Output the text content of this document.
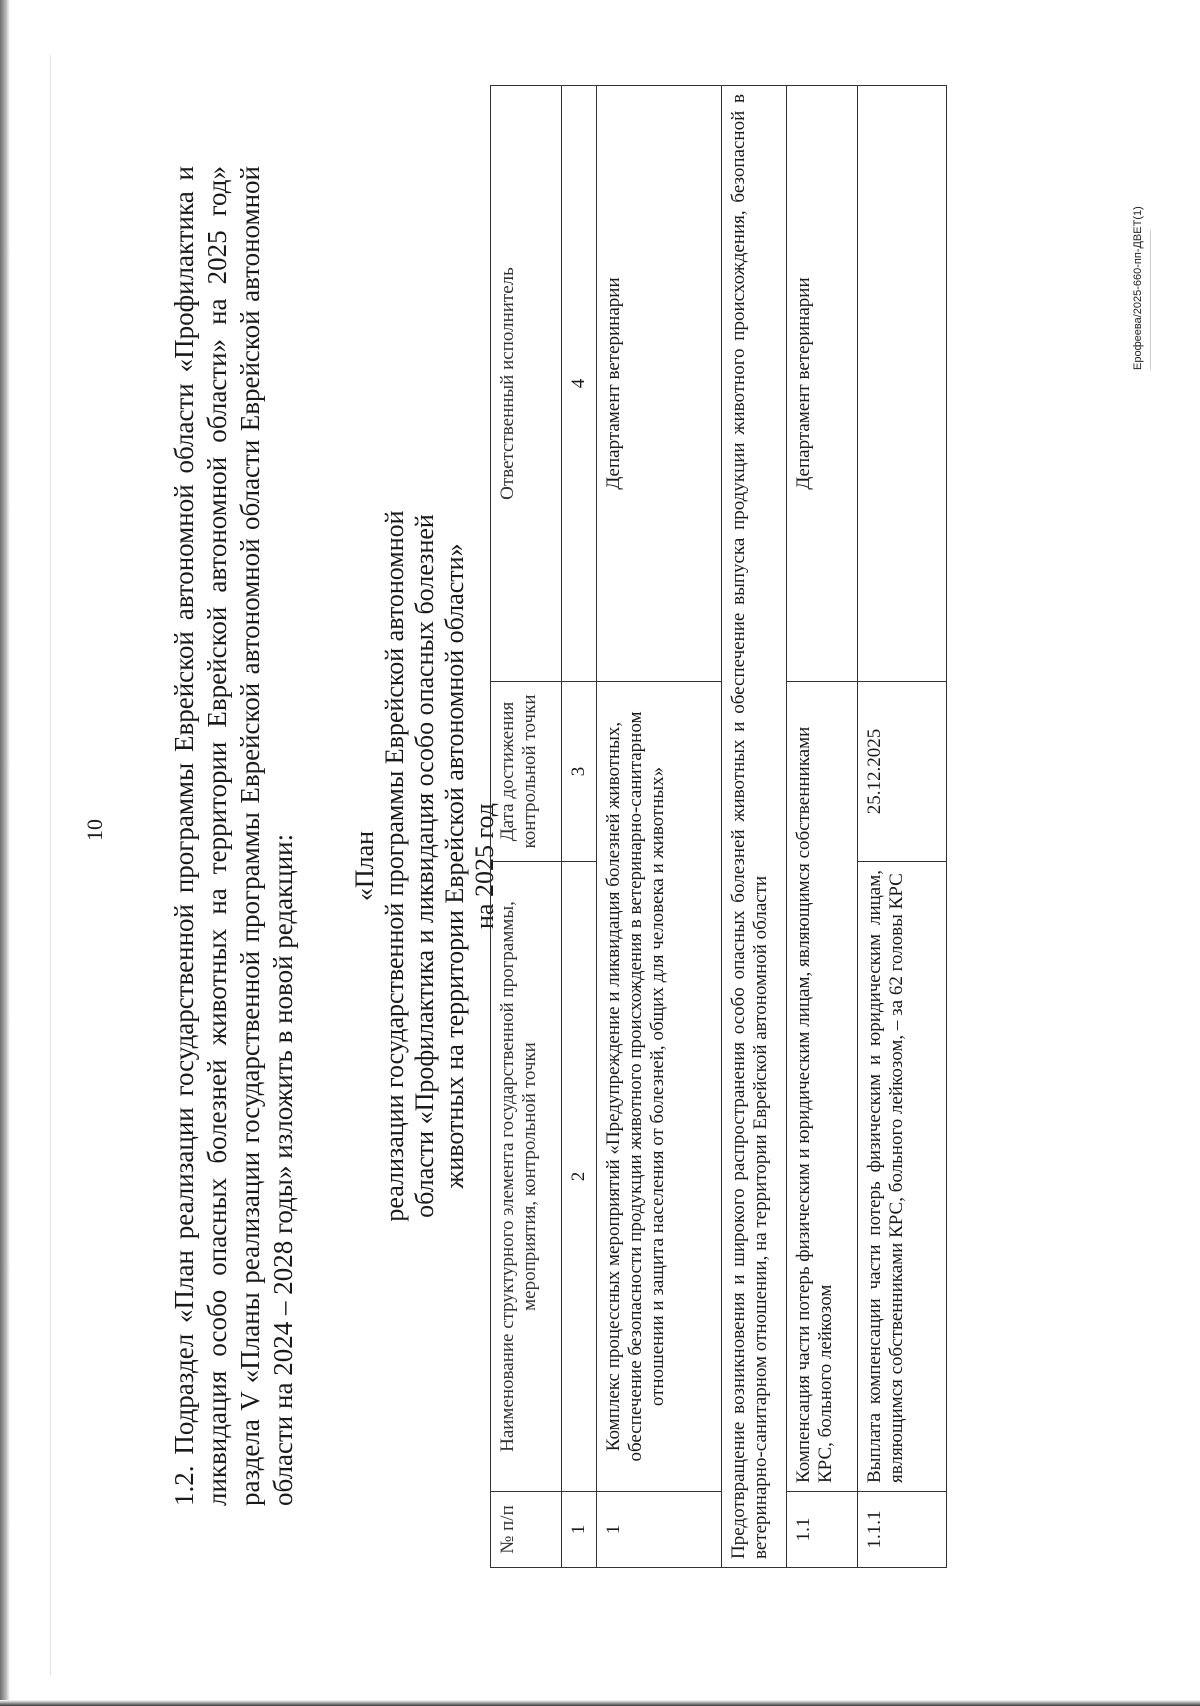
10 1.2. Подраздел «План реализации государственной программы Еврейской автономной области «Профилактика и ликвидация особо опасных болезней животных на территории Еврейской автономной области» на 2025 год» раздела V «Планы реализации государственной программы Еврейской автономной области Еврейской автономной области на 2024 – 2028 годы» изложить в новой редакции: «План реализации государственной программы Еврейской автономной области «Профилактика и ликвидация особо опасных болезней животных на территории Еврейской автономной области» на 2025 год
№ п/п	Наименование структурного элемента государственной программы, мероприятия, контрольной точки	Дата достижения контрольной точки	Ответственный исполнитель
1	2	3	4
1	Комплекс процессных мероприятий «Предупреждение и ликвидация болезней животных, обеспечение безопасности продукции животного происхождения в ветеринарно-санитарном отношении и защита населения от болезней, общих для человека и животных»		Департамент ветеринарии
Предотвращение возникновения и широкого распространения особо опасных болезней животных и обеспечение выпуска продукции животного происхождения, безопасной в ветеринарно-санитарном отношении, на территории Еврейской автономной области			
1.1	Компенсация части потерь физическим и юридическим лицам, являющимся собственниками КРС, больного лейкозом		Департамент ветеринарии
1.1.1	Выплата компенсации части потерь физическим и юридическим лицам, являющимся собственниками КРС, больного лейкозом, – за 62 головы КРС	25.12.2025	
Ерофеева/2025-660-пп-ДВЕТ(1)
